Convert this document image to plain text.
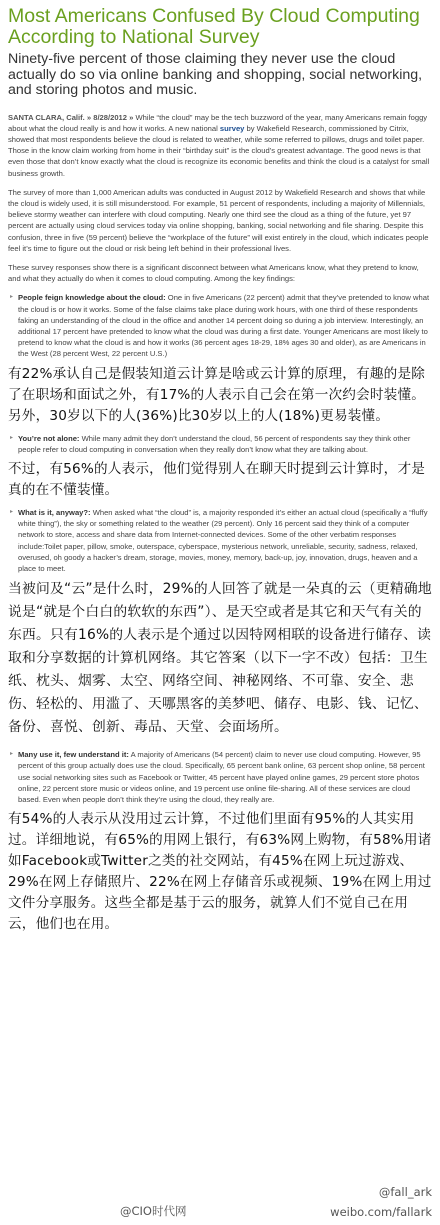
Most Americans Confused By Cloud Computing According to National Survey
Ninety-five percent of those claiming they never use the cloud actually do so via online banking and shopping, social networking, and storing photos and music.

SANTA CLARA, Calif. » 8/28/2012 » While “the cloud” may be the tech buzzword of the year, many Americans remain foggy about what the cloud really is and how it works. A new national survey by Wakefield Research, commissioned by Citrix, showed that most respondents believe the cloud is related to weather, while some referred to pillows, drugs and toilet paper. Those in the know claim working from home in their “birthday suit” is the cloud’s greatest advantage. The good news is that even those that don’t know exactly what the cloud is recognize its economic benefits and think the cloud is a catalyst for small business growth.

The survey of more than 1,000 American adults was conducted in August 2012 by Wakefield Research and shows that while the cloud is widely used, it is still misunderstood. For example, 51 percent of respondents, including a majority of Millennials, believe stormy weather can interfere with cloud computing. Nearly one third see the cloud as a thing of the future, yet 97 percent are actually using cloud services today via online shopping, banking, social networking and file sharing. Despite this confusion, three in five (59 percent) believe the “workplace of the future” will exist entirely in the cloud, which indicates people feel it’s time to figure out the cloud or risk being left behind in their professional lives.

These survey responses show there is a significant disconnect between what Americans know, what they pretend to know, and what they actually do when it comes to cloud computing. Among the key findings:

▸ People feign knowledge about the cloud: One in five Americans (22 percent) admit that they’ve pretended to know what the cloud is or how it works. Some of the false claims take place during work hours, with one third of these respondents faking an understanding of the cloud in the office and another 14 percent doing so during a job interview. Interestingly, an additional 17 percent have pretended to know what the cloud was during a first date. Younger Americans are most likely to pretend to know what the cloud is and how it works (36 percent ages 18-29, 18% ages 30 and older), as are Americans in the West (28 percent West, 22 percent U.S.)
有22%承认自己是假装知道云计算是啥或云计算的原理，有趣的是除了在职场和面试之外，有17%的人表示自己会在第一次约会时装懂。另外，30岁以下的人(36%)比30岁以上的人(18%)更易装懂。
▸ You’re not alone: While many admit they don’t understand the cloud, 56 percent of respondents say they think other people refer to cloud computing in conversation when they really don’t know what they are talking about.
不过，有56%的人表示，他们觉得别人在聊天时提到云计算时，才是真的在不懂装懂。
▸ What is it, anyway?: When asked what “the cloud” is, a majority responded it’s either an actual cloud (specifically a “fluffy white thing”), the sky or something related to the weather (29 percent). Only 16 percent said they think of a computer network to store, access and share data from Internet-connected devices. Some of the other verbatim responses include:Toilet paper, pillow, smoke, outerspace, cyberspace, mysterious network, unreliable, security, sadness, relaxed, overused, oh goody a hacker’s dream, storage, movies, money, memory, back-up, joy, innovation, drugs, heaven and a place to meet.
当被问及“云”是什么时，29%的人回答了就是一朵真的云（更精确地说是“就是个白白的软软的东西”）、是天空或者是其它和天气有关的东西。只有16%的人表示是个通过以因特网相联的设备进行储存、读取和分享数据的计算机网络。其它答案（以下一字不改）包括：卫生纸、枕头、烟雾、太空、网络空间、神秘网络、不可靠、安全、悲伤、轻松的、用滥了、天哪黑客的美梦吧、储存、电影、钱、记忆、备份、喜悦、创新、毒品、天堂、会面场所。
▸ Many use it, few understand it: A majority of Americans (54 percent) claim to never use cloud computing. However, 95 percent of this group actually does use the cloud. Specifically, 65 percent bank online, 63 percent shop online, 58 percent use social networking sites such as Facebook or Twitter, 45 percent have played online games, 29 percent store photos online, 22 percent store music or videos online, and 19 percent use online file-sharing. All of these services are cloud based. Even when people don’t think they’re using the cloud, they really are.
有54%的人表示从没用过云计算，不过他们里面有95%的人其实用过。详细地说，有65%的用网上银行，有63%网上购物，有58%用诸如Facebook或Twitter之类的社交网站，有45%在网上玩过游戏、29%在网上存储照片、22%在网上存储音乐或视频、19%在网上用过文件分享服务。这些全都是基于云的服务，就算人们不觉自己在用云，他们也在用。
@fall_ark
weibo.com/fallark
@CIO时代网
